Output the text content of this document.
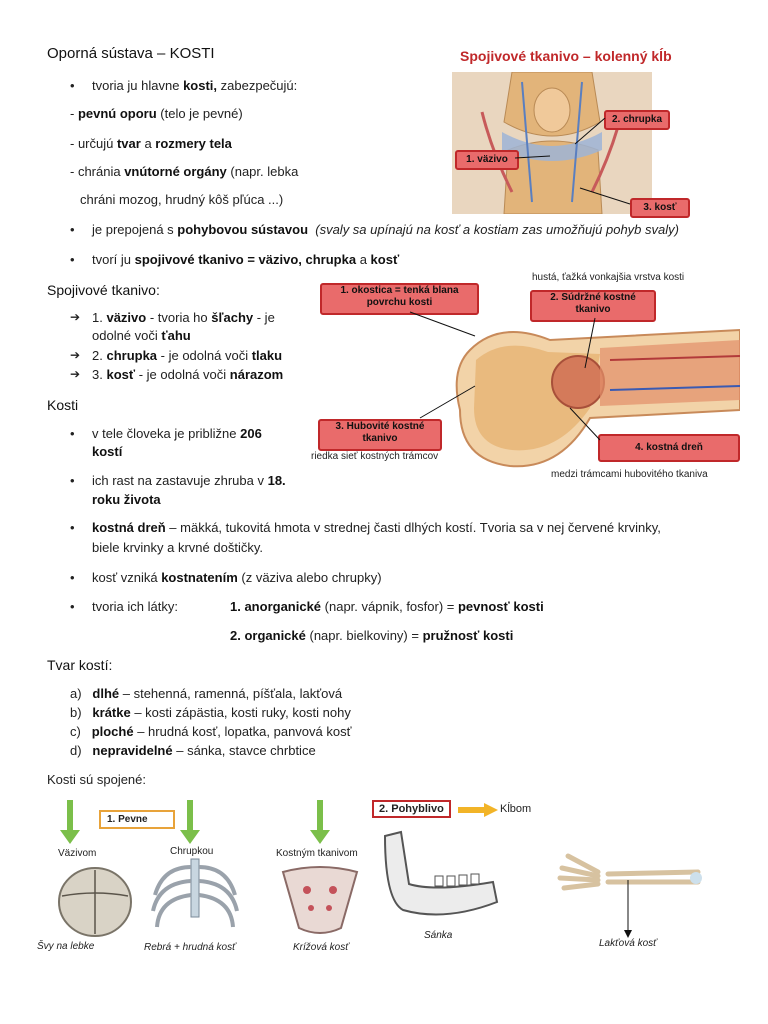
Oporná sústava – KOSTI
• tvoria ju hlavne kosti, zabezpečujú:
- pevnú oporu (telo je pevné)
- určujú tvar a rozmery tela
- chránia vnútorné orgány (napr. lebka
chráni mozog, hrudný kôš pľúca ...)
• je prepojená s pohybovou sústavou (svaly sa upínajú na kosť a kostiam zas umožňujú pohyb svaly)
• tvorí ju spojivové tkanivo = väzivo, chrupka a kosť
Spojivové tkanivo – kolenný kĺb
2. chrupka
1. väzivo
3. kosť
Spojivové tkanivo:
➔ 1. väzivo - tvoria ho šľachy - je
odolné voči ťahu
➔ 2. chrupka - je odolná voči tlaku
➔ 3. kosť - je odolná voči nárazom
hustá, ťažká vonkajšia vrstva kosti
1. okostica = tenká blana povrchu kosti	2. Súdržné kostné tkanivo
3. Hubovité kostné tkanivo
4. kostná dreň
riedka sieť kostných trámcov
medzi trámcami hubovitého tkaniva
Kosti
• v tele človeka je približne 206
kostí
• ich rast na zastavuje zhruba v 18.
roku života
• kostná dreň – mäkká, tukovitá hmota v strednej časti dlhých kostí. Tvoria sa v nej červené krvinky,
biele krvinky a krvné doštičky.
• kosť vzniká kostnatením (z väziva alebo chrupky)
• tvoria ich látky:	1. anorganické (napr. vápnik, fosfor) = pevnosť kosti
2. organické (napr. bielkoviny) = pružnosť kosti
Tvar kostí:
a) dlhé – stehenná, ramenná, píšťala, lakťová
b) krátke – kosti zápästia, kosti ruky, kosti nohy
c) ploché – hrudná kosť, lopatka, panvová kosť
d) nepravidelné – sánka, stavce chrbtice
Kosti sú spojené:
1. Pevne
2. Pohyblivo	Kĺbom
Väzivom	Chrupkou	Kostným tkanivom
Švy na lebke	Rebrá + hrudná kosť	Krížová kosť
Sánka
Lakťová kosť
